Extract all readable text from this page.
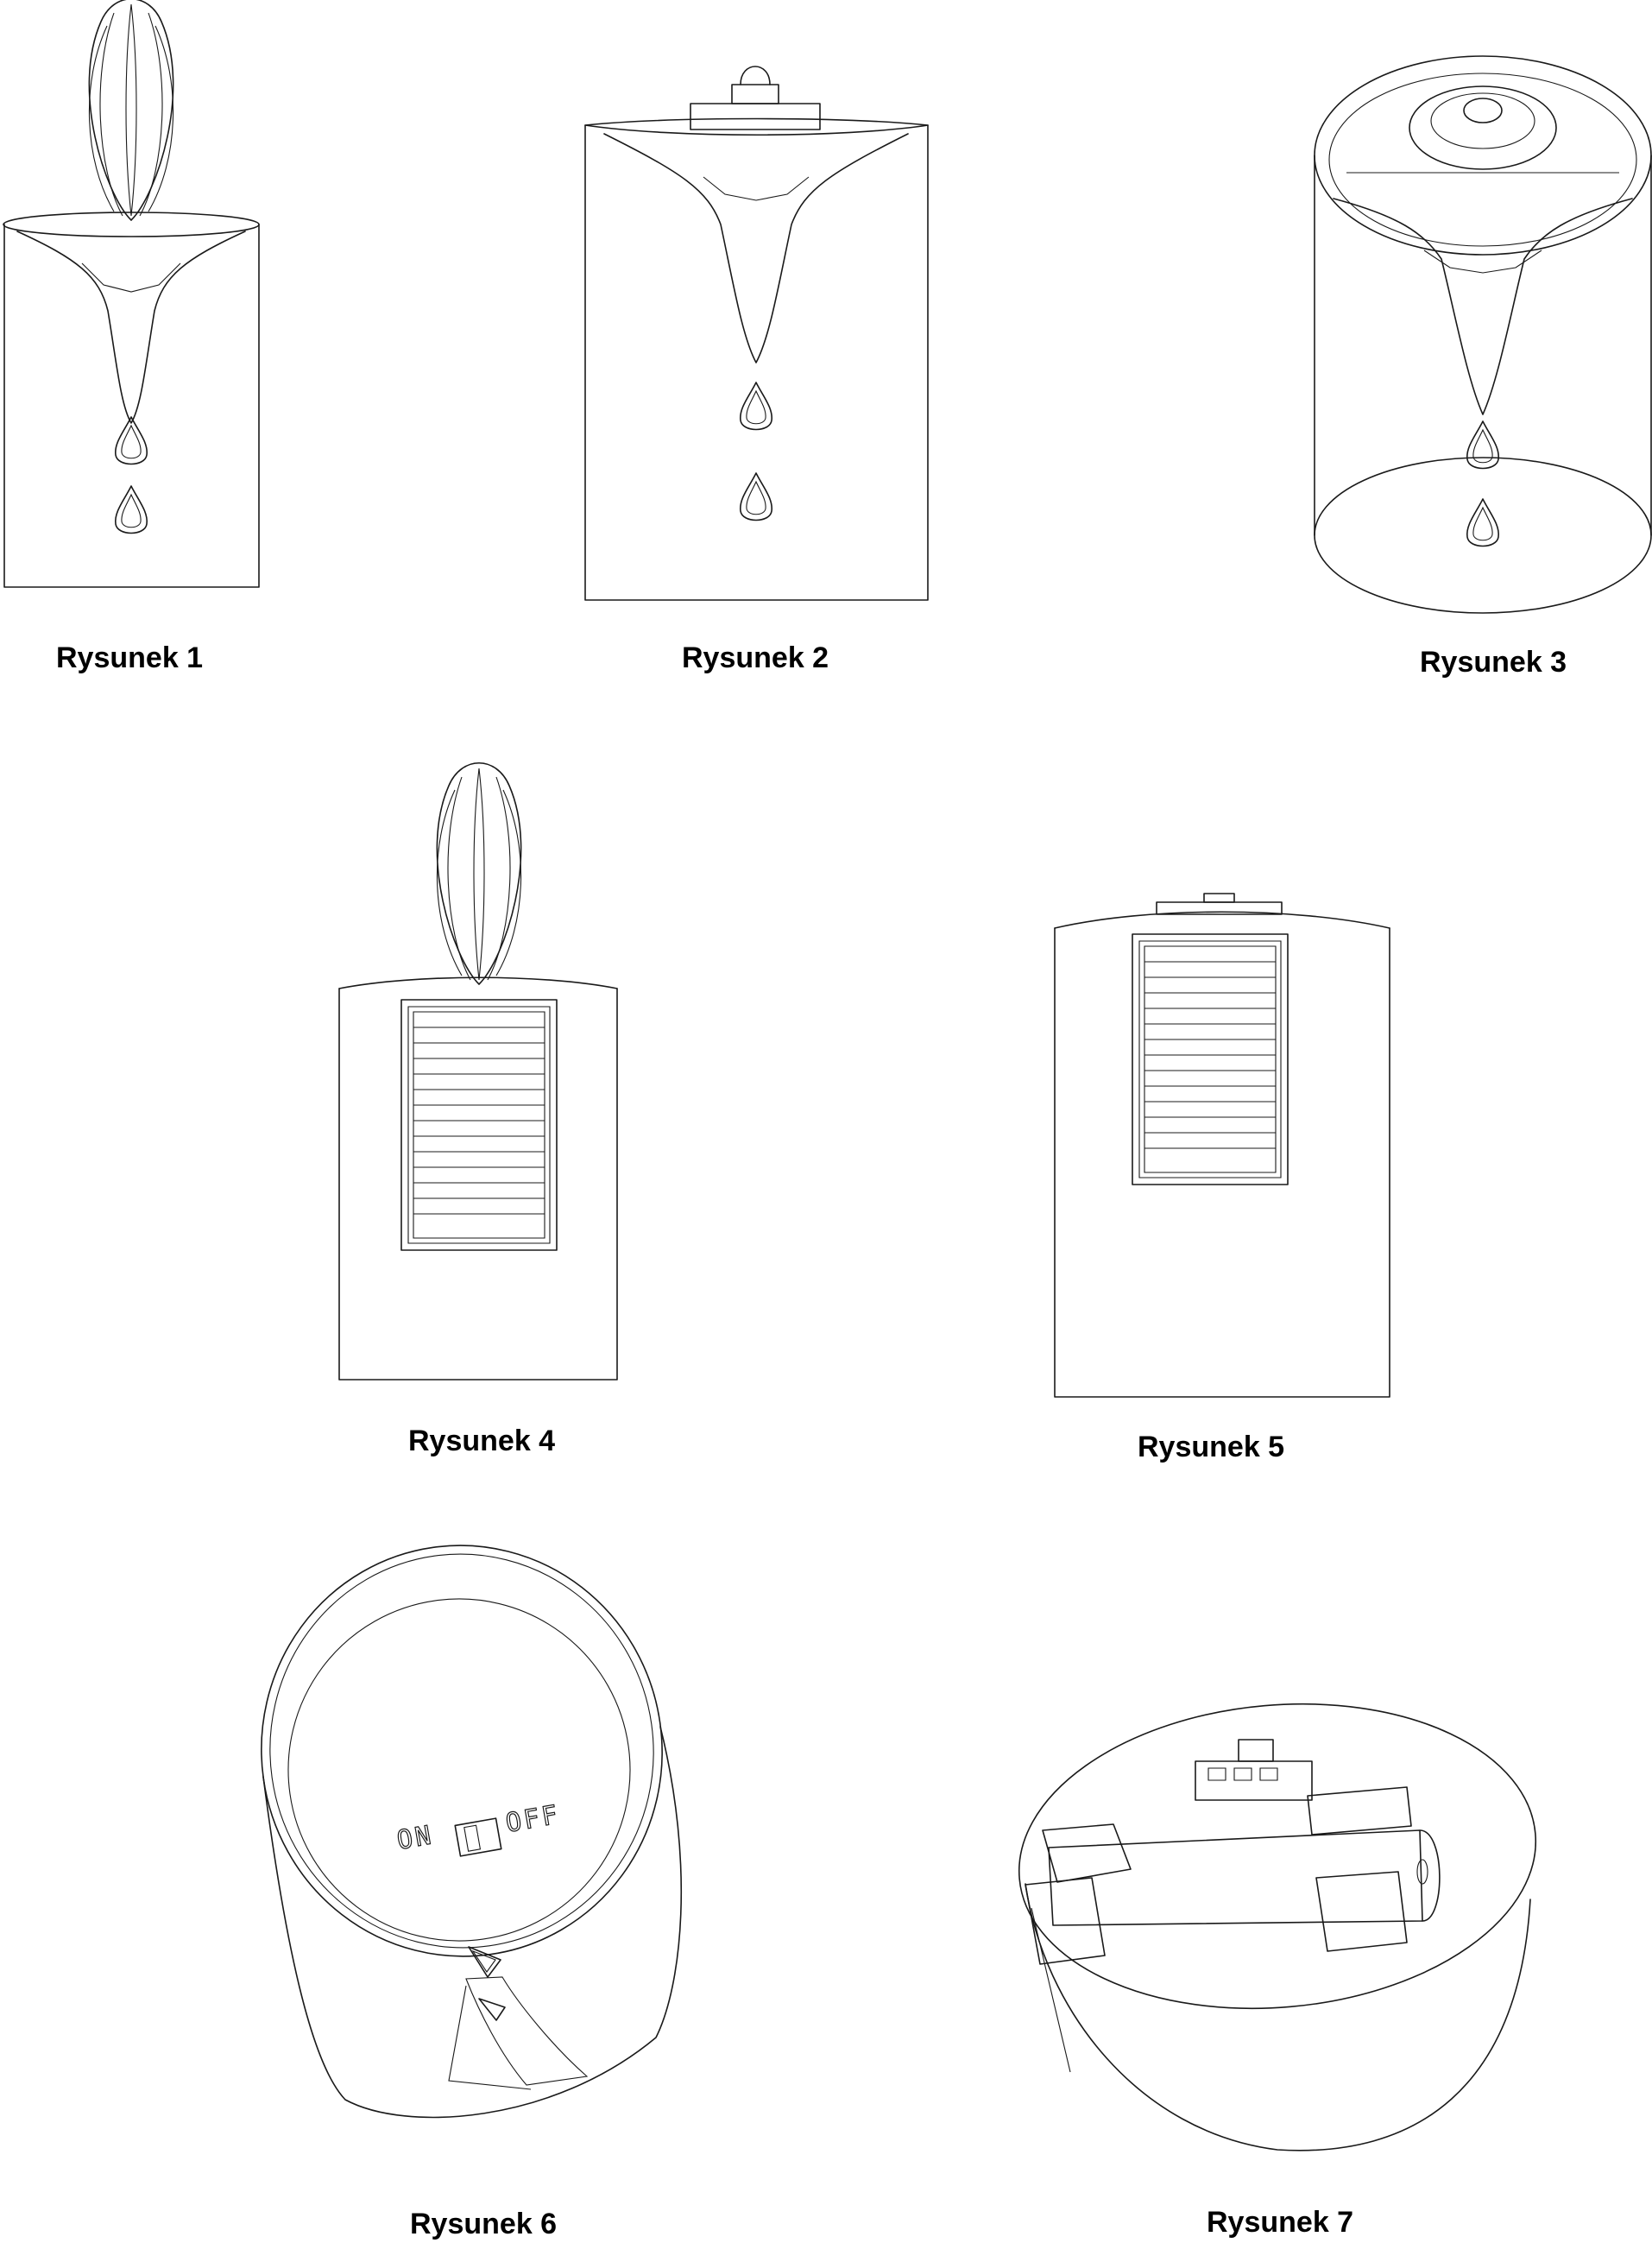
Rysunek 1	Rysunek 2	Rysunek 3
Rysunek 4	Rysunek 5
ON	OFF
Rysunek 6	Rysunek 7
